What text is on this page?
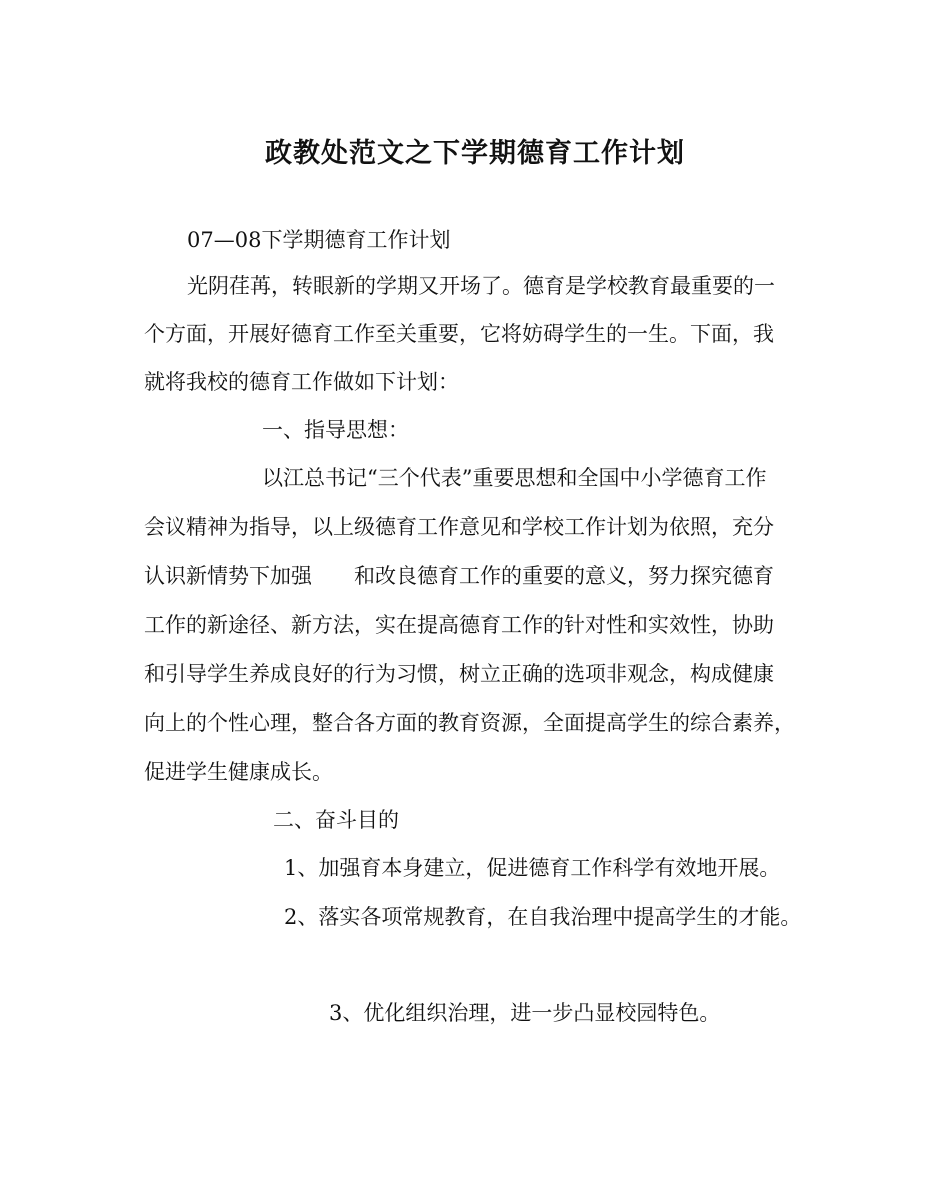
政教处范文之下学期德育工作计划
07—08下学期德育工作计划
光阴荏苒，转眼新的学期又开场了。德育是学校教育最重要的一
个方面，开展好德育工作至关重要，它将妨碍学生的一生。下面，我
就将我校的德育工作做如下计划：
一、指导思想：
以江总书记“三个代表”重要思想和全国中小学德育工作
会议精神为指导，以上级德育工作意见和学校工作计划为依照，充分
认识新情势下加强　　和改良德育工作的重要的意义，努力探究德育
工作的新途径、新方法，实在提高德育工作的针对性和实效性，协助
和引导学生养成良好的行为习惯，树立正确的选项非观念，构成健康
向上的个性心理，整合各方面的教育资源，全面提高学生的综合素养，
促进学生健康成长。
二、奋斗目的
1、加强育本身建立，促进德育工作科学有效地开展。
2、落实各项常规教育，在自我治理中提高学生的才能。
3、优化组织治理，进一步凸显校园特色。
